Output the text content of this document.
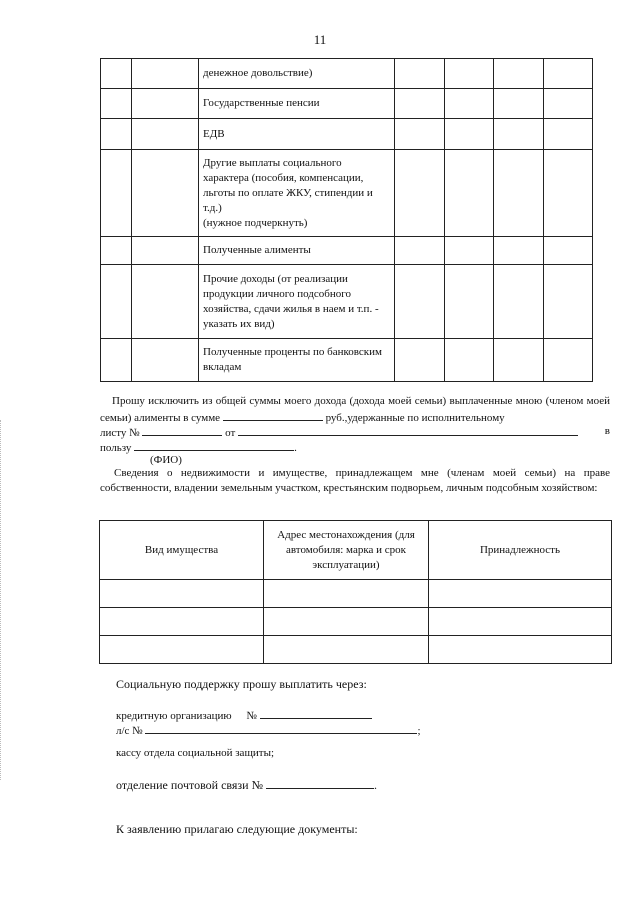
11
		денежное довольствие)				
		Государственные пенсии				
		ЕДВ				
		Другие выплаты социального характера (пособия, компенсации, льготы по оплате ЖКУ, стипендии и т.д.)
(нужное подчеркнуть)				
		Полученные алименты				
		Прочие доходы (от реализации продукции личного подсобного хозяйства, сдачи жилья в наем и т.п. - указать их вид)				
		Полученные проценты по банковским вкладам				
Прошу исключить из общей суммы моего дохода (дохода моей семьи) выплаченные мною (членом моей семьи) алименты в сумме	руб.,удержанные по исполнительному
листу №	от	в
пользу	.
(ФИО)
Сведения о недвижимости и имуществе, принадлежащем мне (членам моей семьи) на праве собственности, владении земельным участком, крестьянским подворьем, личным подсобным хозяйством:
Вид имущества	Адрес местонахождения (для автомобиля: марка и срок эксплуатации)	Принадлежность

Социальную поддержку прошу выплатить через:
кредитную организацию №
л/с №	;
кассу отдела социальной защиты;
отделение почтовой связи №	.
К заявлению прилагаю следующие документы:
